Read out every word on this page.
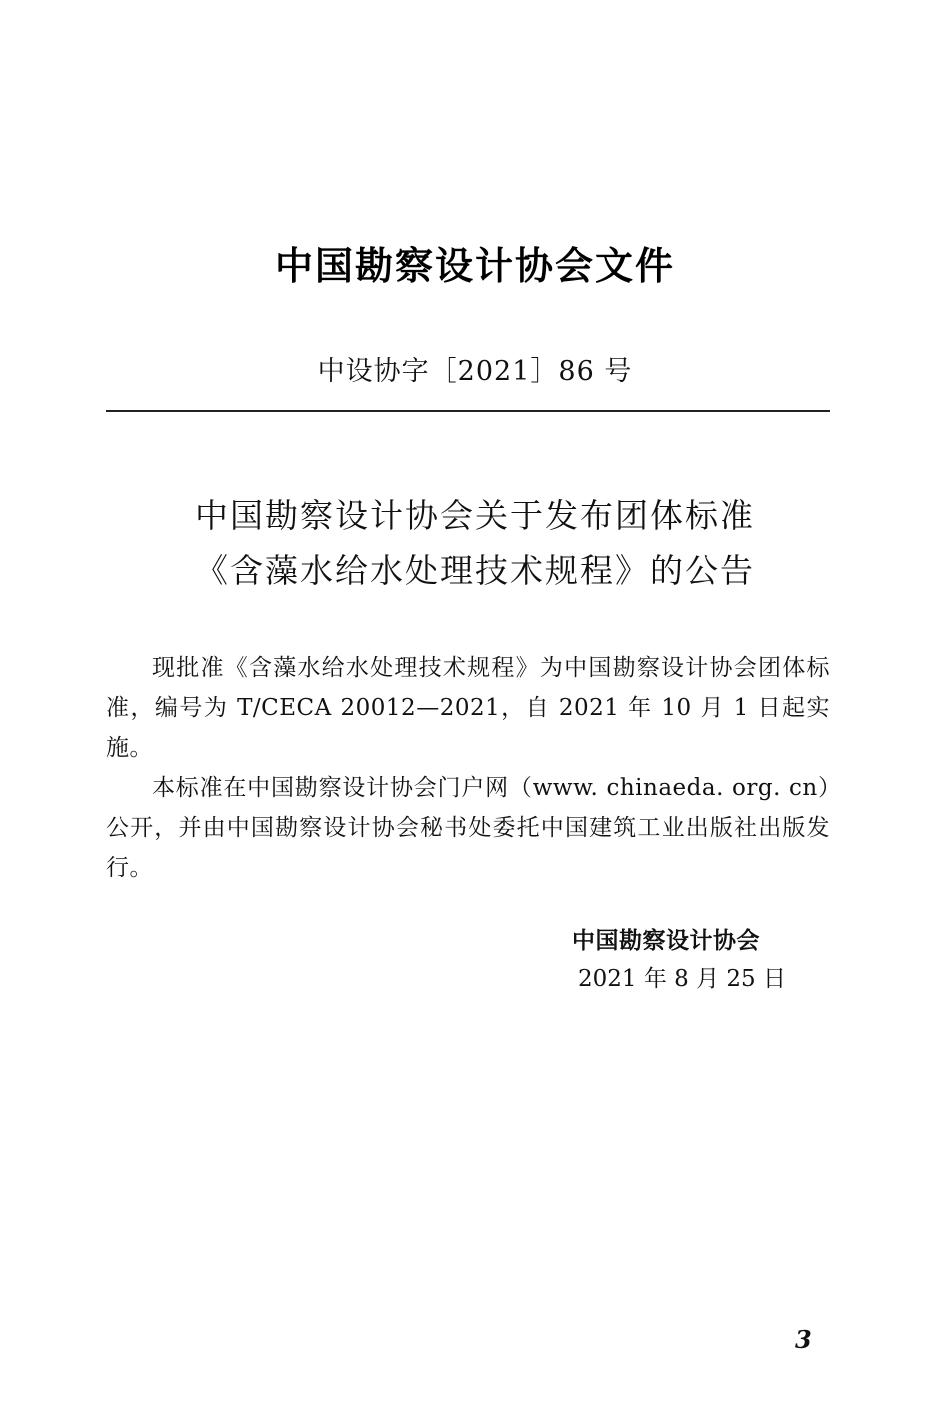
中国勘察设计协会文件
中设协字［2021］86 号
中国勘察设计协会关于发布团体标准
《含藻水给水处理技术规程》的公告

现批准《含藻水给水处理技术规程》为中国勘察设计协会团体标准，编号为 T/CECA 20012—2021，自 2021 年 10 月 1 日起实施。

本标准在中国勘察设计协会门户网（www. chinaeda. org. cn）公开，并由中国勘察设计协会秘书处委托中国建筑工业出版社出版发行。

中国勘察设计协会
2021 年 8 月 25 日
3
